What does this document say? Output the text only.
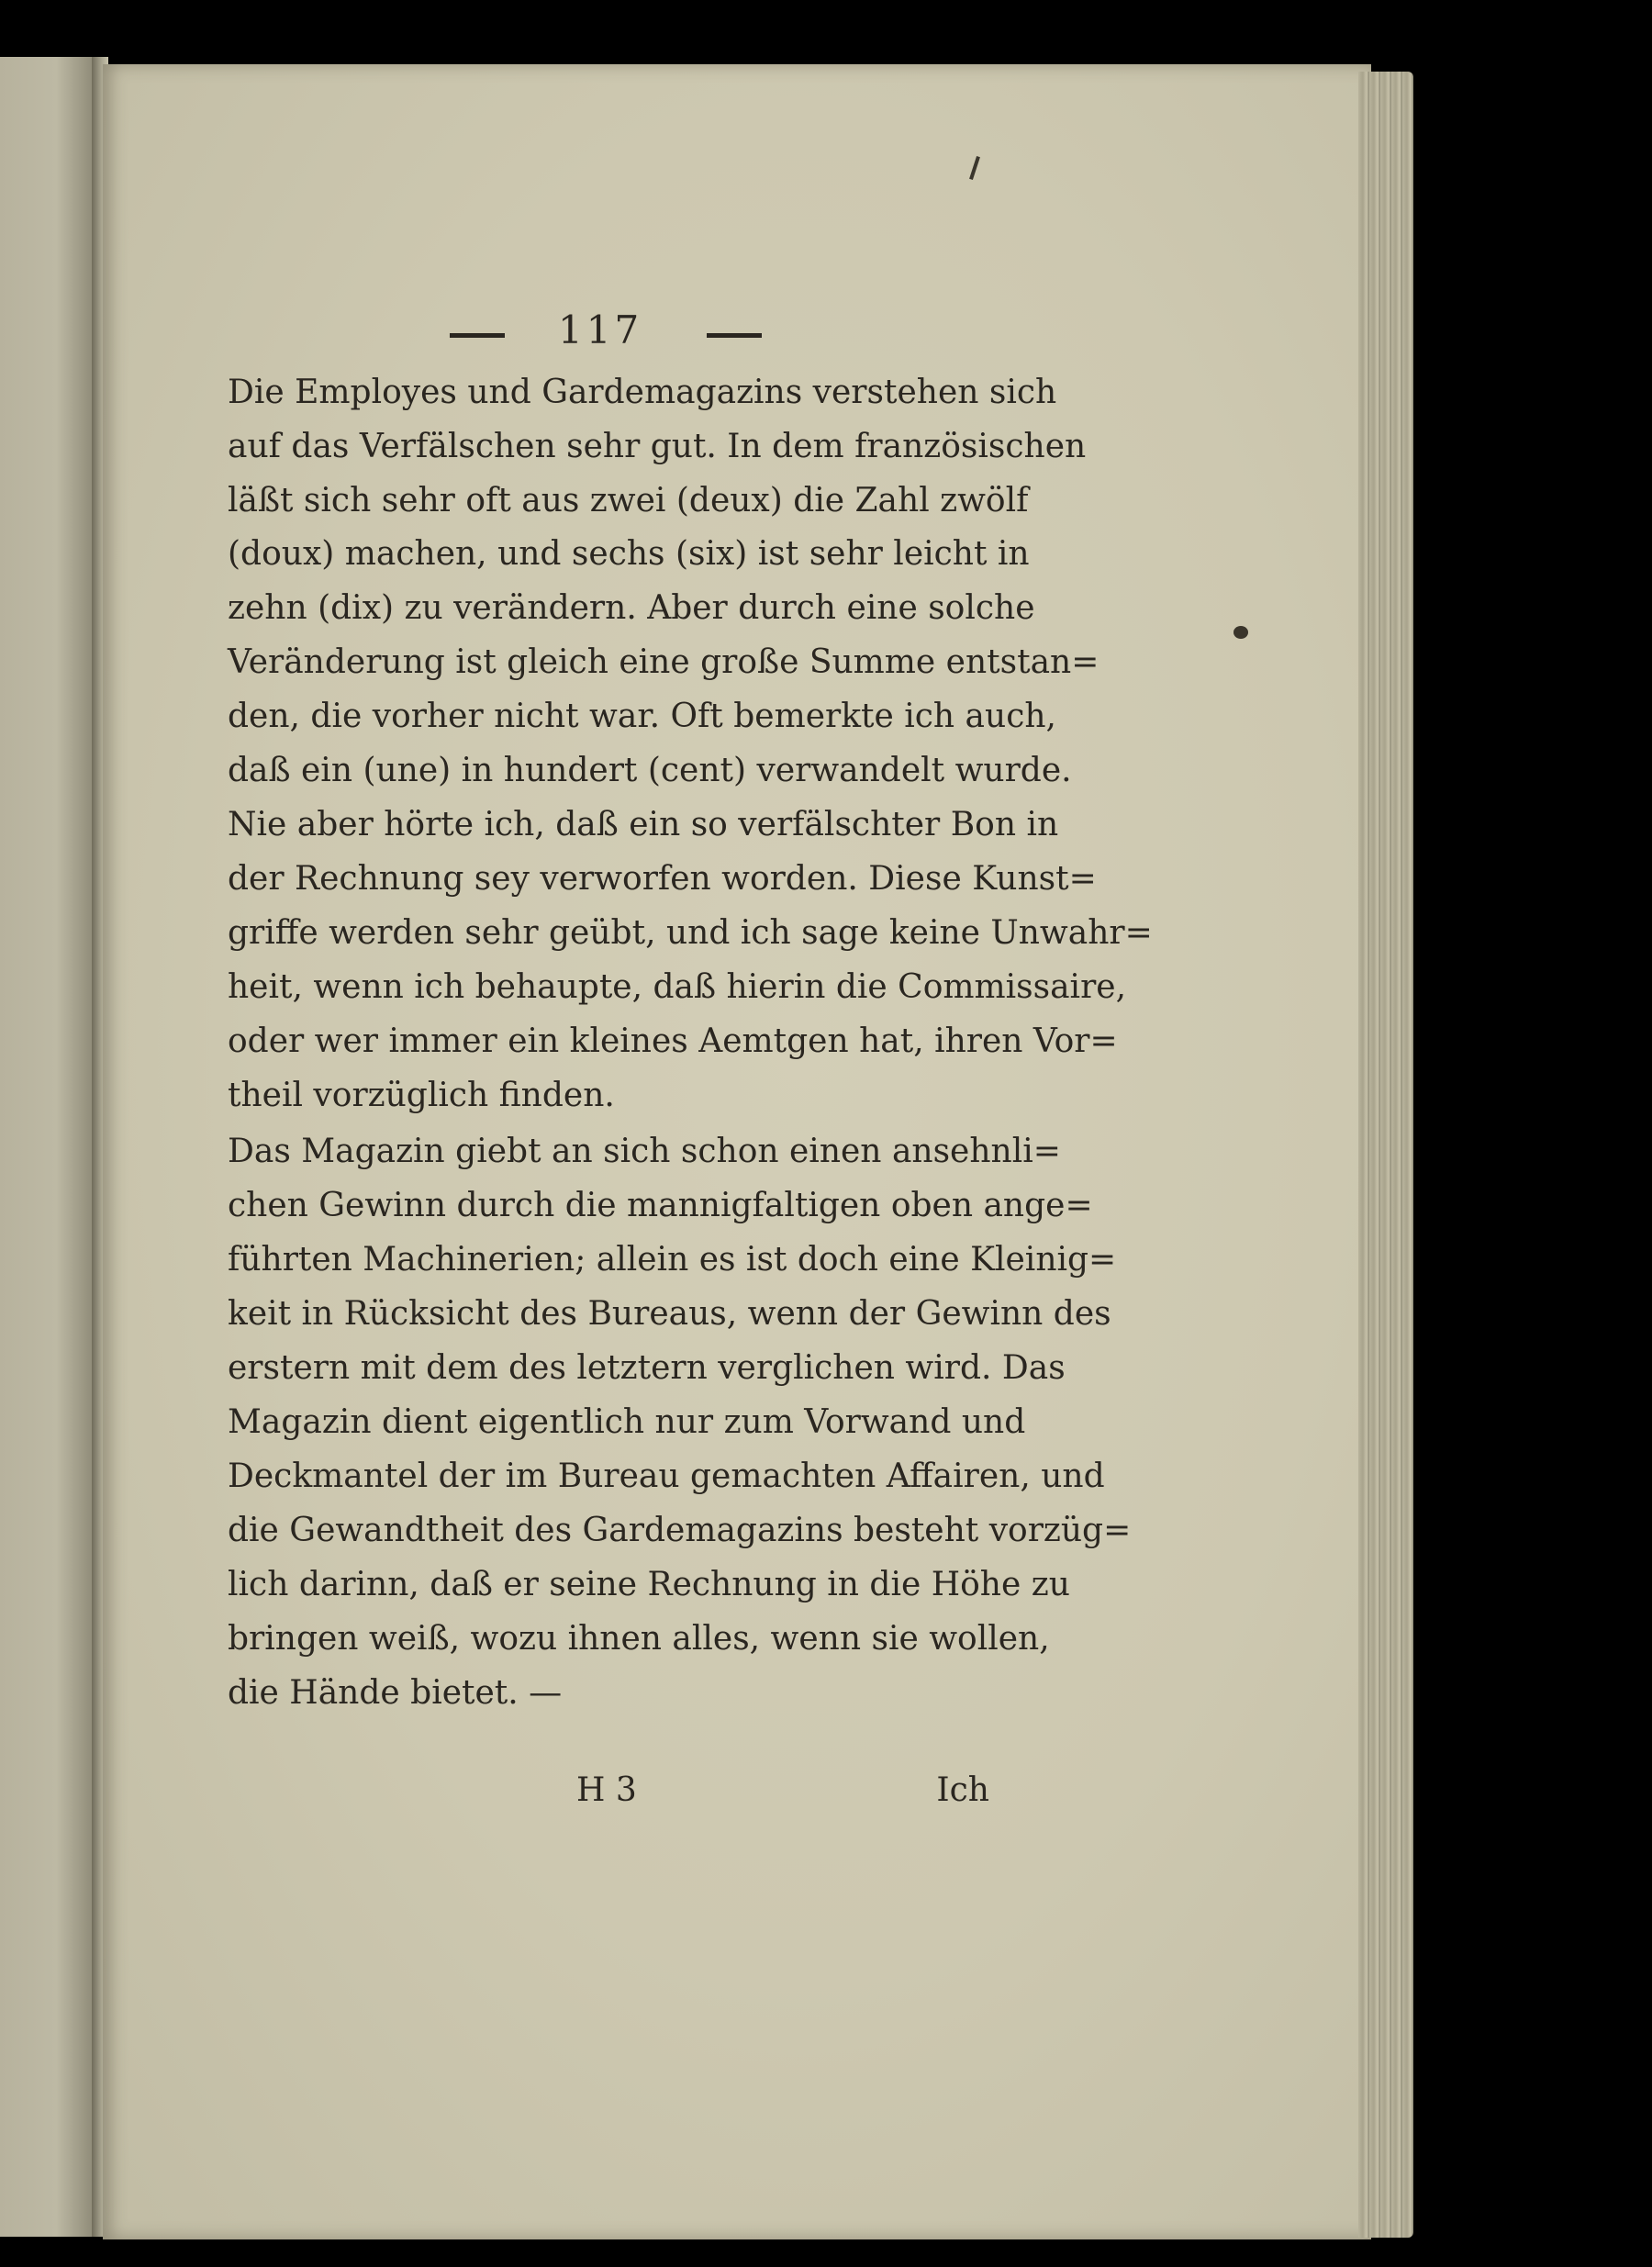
117
Die Employes und Gardemagazins verstehen sich
auf das Verfälschen sehr gut. In dem französischen
läßt sich sehr oft aus zwei (deux) die Zahl zwölf
(doux) machen, und sechs (six) ist sehr leicht in
zehn (dix) zu verändern. Aber durch eine solche
Veränderung ist gleich eine große Summe entstan=
den, die vorher nicht war. Oft bemerkte ich auch,
daß ein (une) in hundert (cent) verwandelt wurde.
Nie aber hörte ich, daß ein so verfälschter Bon in
der Rechnung sey verworfen worden. Diese Kunst=
griffe werden sehr geübt, und ich sage keine Unwahr=
heit, wenn ich behaupte, daß hierin die Commissaire,
oder wer immer ein kleines Aemtgen hat, ihren Vor=
theil vorzüglich finden.
Das Magazin giebt an sich schon einen ansehnli=
chen Gewinn durch die mannigfaltigen oben ange=
führten Machinerien; allein es ist doch eine Kleinig=
keit in Rücksicht des Bureaus, wenn der Gewinn des
erstern mit dem des letztern verglichen wird. Das
Magazin dient eigentlich nur zum Vorwand und
Deckmantel der im Bureau gemachten Affairen, und
die Gewandtheit des Gardemagazins besteht vorzüg=
lich darinn, daß er seine Rechnung in die Höhe zu
bringen weiß, wozu ihnen alles, wenn sie wollen,
die Hände bietet. —
H 3	Ich
